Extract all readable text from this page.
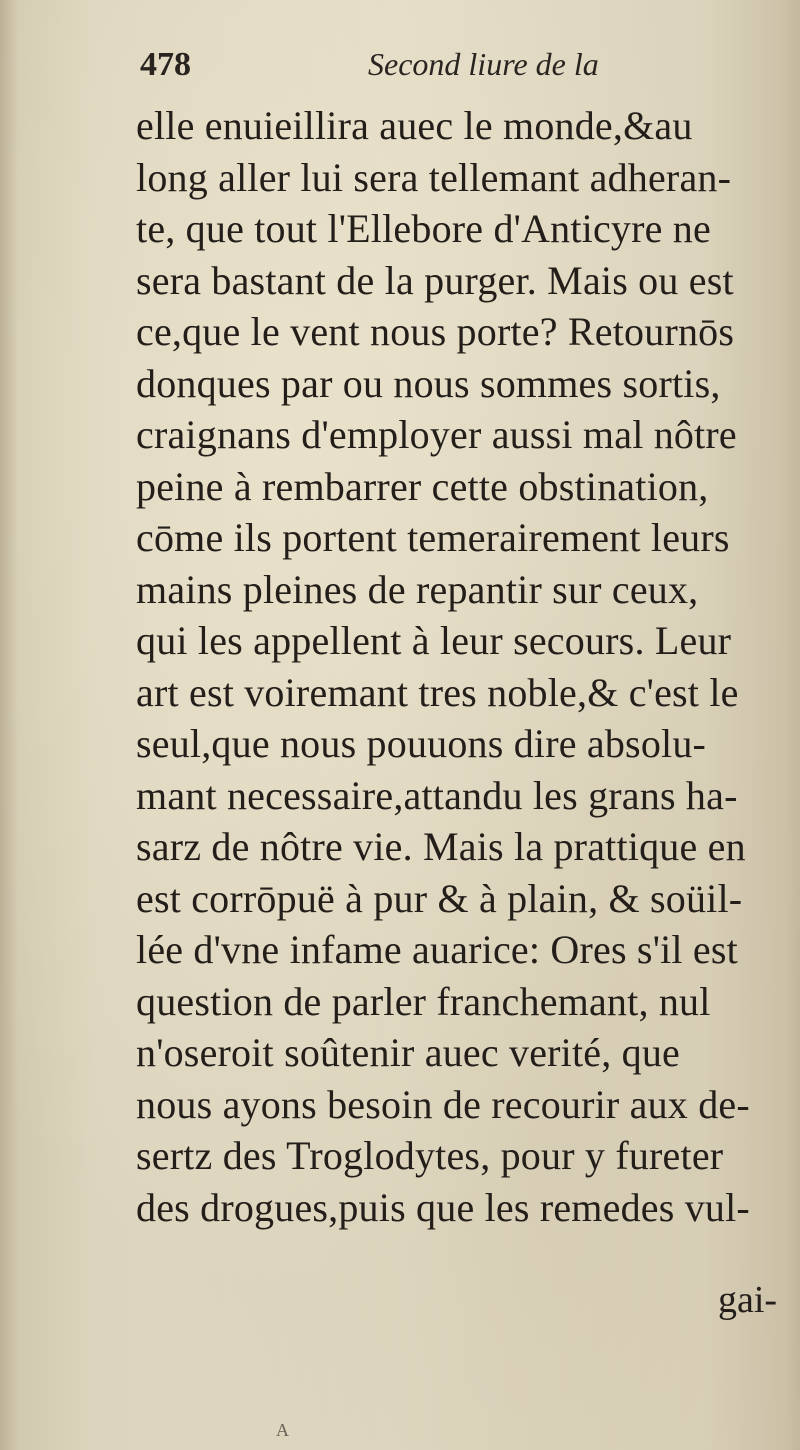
478	Second liure de la
elle enuieillira auec le monde,&au
long aller lui sera tellemant adheran-
te, que tout l'Ellebore d'Anticyre ne
sera bastant de la purger. Mais ou est
ce,que le vent nous porte? Retournōs
donques par ou nous sommes sortis,
craignans d'employer aussi mal nôtre
peine à rembarrer cette obstination,
cōme ils portent temerairement leurs
mains pleines de repantir sur ceux,
qui les appellent à leur secours. Leur
art est voiremant tres noble,& c'est le
seul,que nous pouuons dire absolu-
mant necessaire,attandu les grans ha-
sarz de nôtre vie. Mais la prattique en
est corrōpuë à pur & à plain, & soüil-
lée d'vne infame auarice: Ores s'il est
question de parler franchemant, nul
n'oseroit soûtenir auec verité, que
nous ayons besoin de recourir aux de-
sertz des Troglodytes, pour y fureter
des drogues,puis que les remedes vul-
gai-
A
